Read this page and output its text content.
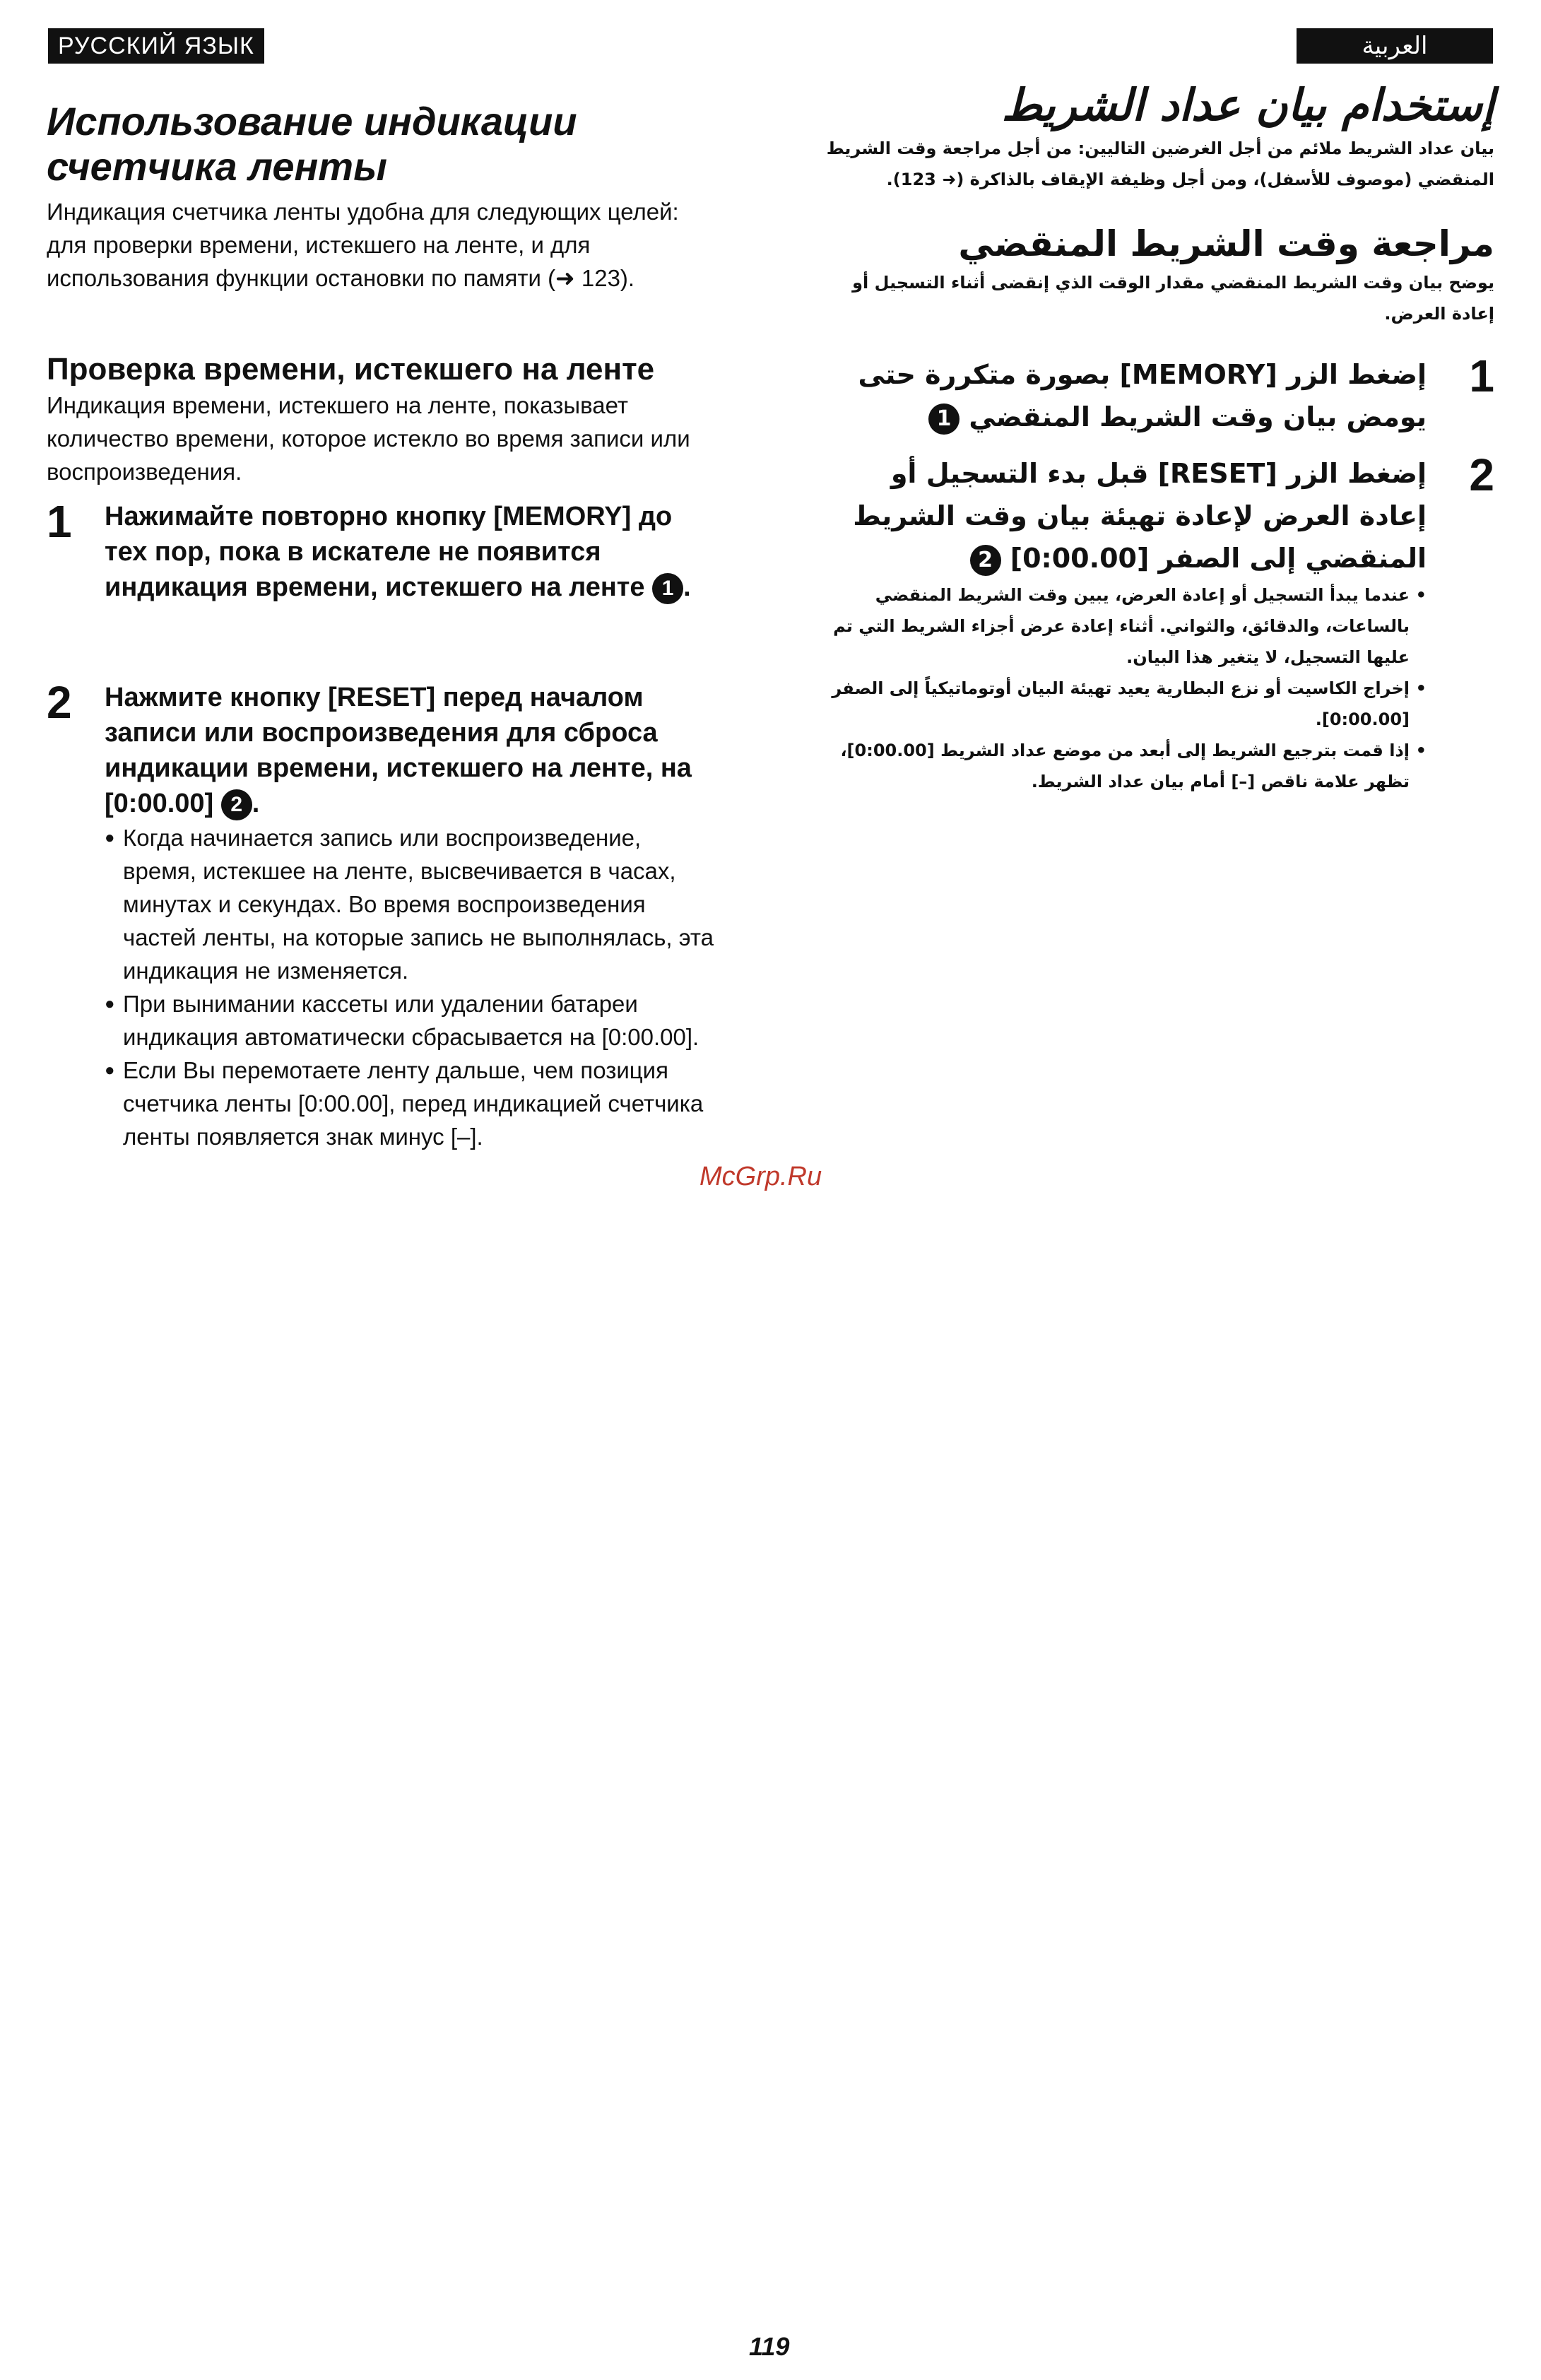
РУССКИЙ ЯЗЫК	العربية
Использование индикации
счетчика ленты

Индикация счетчика ленты удобна для следующих целей: для проверки времени, истекшего на ленте, и для использования функции остановки по памяти (➜ 123).

Проверка времени, истекшего на ленте

Индикация времени, истекшего на ленте, показывает количество времени, которое истекло во время записи или воспроизведения.

1 Нажимайте повторно кнопку [MEMORY] до тех пор, пока в искателе не появится индикация времени, истекшего на ленте 1 .
2 Нажмите кнопку [RESET] перед началом записи или воспроизведения для сброса индикации времени, истекшего на ленте, на [0:00.00] 2 .
● Когда начинается запись или воспроизведение, время, истекшее на ленте, высвечивается в часах, минутах и секундах. Во время воспроизведения частей ленты, на которые запись не выполнялась, эта индикация не изменяется.
● При вынимании кассеты или удалении батареи индикация автоматически сбрасывается на [0:00.00].
● Если Вы перемотаете ленту дальше, чем позиция счетчика ленты [0:00.00], перед индикацией счетчика ленты появляется знак минус [–].
إستخدام بيان عداد الشريط

بيان عداد الشريط ملائم من أجل الغرضين التاليين: من أجل مراجعة وقت الشريط المنقضي (موصوف للأسفل)، ومن أجل وظيفة الإيقاف بالذاكرة (➜ 123).

مراجعة وقت الشريط المنقضي

يوضح بيان وقت الشريط المنقضي مقدار الوقت الذي إنقضى أثناء التسجيل أو إعادة العرض.

1
إضغط الزر [MEMORY] بصورة متكررة حتى يومض بيان وقت الشريط المنقضي 1
2
إضغط الزر [RESET] قبل بدء التسجيل أو إعادة العرض لإعادة تهيئة بيان وقت الشريط المنقضي إلى الصفر [0:00.00] 2
• عندما يبدأ التسجيل أو إعادة العرض، يبين وقت الشريط المنقضي بالساعات، والدقائق، والثواني. أثناء إعادة عرض أجزاء الشريط التي تم عليها التسجيل، لا يتغير هذا البيان.
• إخراج الكاسيت أو نزع البطارية يعيد تهيئة البيان أوتوماتيكياً إلى الصفر [0:00.00].
• إذا قمت بترجيع الشريط إلى أبعد من موضع عداد الشريط [0:00.00]، تظهر علامة ناقص [–] أمام بيان عداد الشريط.
McGrp.Ru
119
